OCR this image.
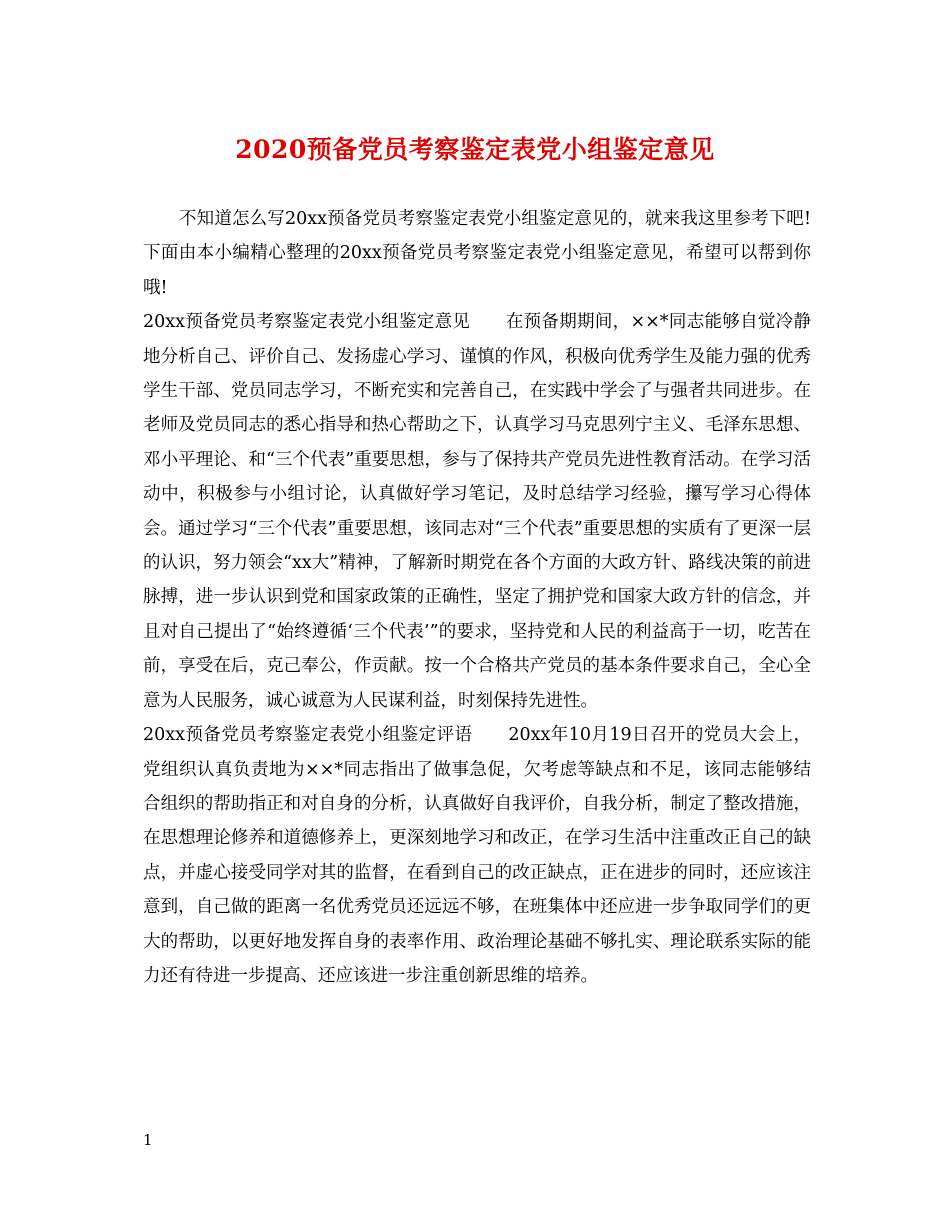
2020预备党员考察鉴定表党小组鉴定意见

不知道怎么写20xx预备党员考察鉴定表党小组鉴定意见的，就来我这里参考下吧!下面由本小编精心整理的20xx预备党员考察鉴定表党小组鉴定意见，希望可以帮到你哦!

20xx预备党员考察鉴定表党小组鉴定意见　　在预备期期间，××*同志能够自觉冷静地分析自己、评价自己、发扬虚心学习、谨慎的作风，积极向优秀学生及能力强的优秀学生干部、党员同志学习，不断充实和完善自己，在实践中学会了与强者共同进步。在老师及党员同志的悉心指导和热心帮助之下，认真学习马克思列宁主义、毛泽东思想、邓小平理论、和“三个代表”重要思想，参与了保持共产党员先进性教育活动。在学习活动中，积极参与小组讨论，认真做好学习笔记，及时总结学习经验，攥写学习心得体会。通过学习“三个代表”重要思想，该同志对“三个代表”重要思想的实质有了更深一层的认识，努力领会“xx大”精神，了解新时期党在各个方面的大政方针、路线决策的前进脉搏，进一步认识到党和国家政策的正确性，坚定了拥护党和国家大政方针的信念，并且对自己提出了“始终遵循‘三个代表’”的要求，坚持党和人民的利益高于一切，吃苦在前，享受在后，克己奉公，作贡献。按一个合格共产党员的基本条件要求自己，全心全意为人民服务，诚心诚意为人民谋利益，时刻保持先进性。

20xx预备党员考察鉴定表党小组鉴定评语　　20xx年10月19日召开的党员大会上，党组织认真负责地为××*同志指出了做事急促，欠考虑等缺点和不足，该同志能够结合组织的帮助指正和对自身的分析，认真做好自我评价，自我分析，制定了整改措施，在思想理论修养和道德修养上，更深刻地学习和改正，在学习生活中注重改正自己的缺点，并虚心接受同学对其的监督，在看到自己的改正缺点，正在进步的同时，还应该注意到，自己做的距离一名优秀党员还远远不够，在班集体中还应进一步争取同学们的更大的帮助，以更好地发挥自身的表率作用、政治理论基础不够扎实、理论联系实际的能力还有待进一步提高、还应该进一步注重创新思维的培养。

1
